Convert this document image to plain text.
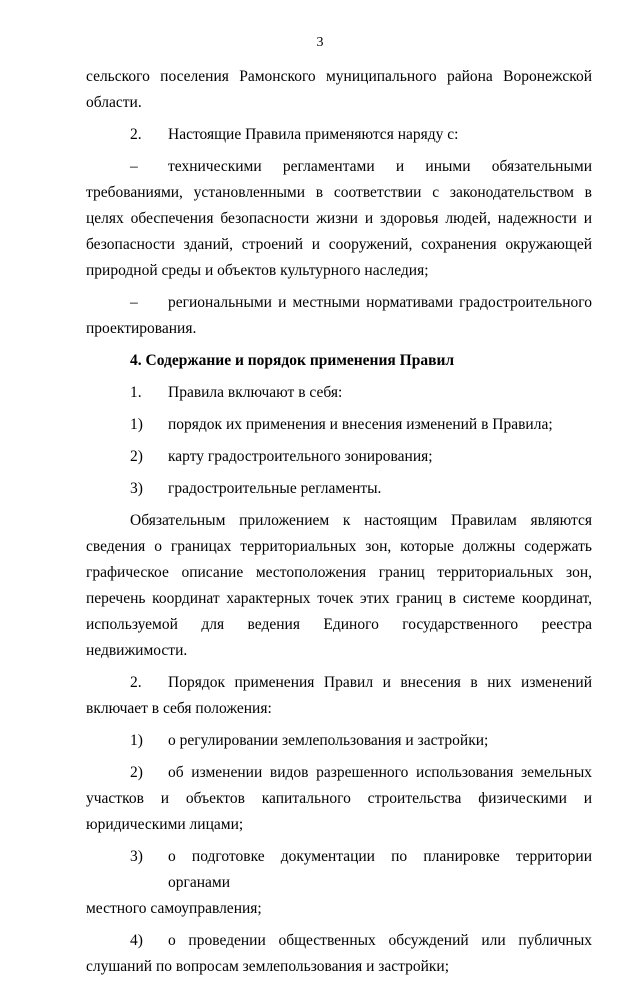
3

сельского поселения Рамонского муниципального района Воронежской области.

2.	Настоящие Правила применяются наряду с:
–	техническими регламентами и иными обязательными

требованиями, установленными в соответствии с законодательством в целях обеспечения безопасности жизни и здоровья людей, надежности и безопасности зданий, строений и сооружений, сохранения окружающей природной среды и объектов культурного наследия;

–	региональными и местными нормативами градостроительного

проектирования.

4. Содержание и порядок применения Правил
1.	Правила включают в себя:
1)	порядок их применения и внесения изменений в Правила;
2)	карту градостроительного зонирования;
3)	градостроительные регламенты.

Обязательным приложением к настоящим Правилам являются сведения о границах территориальных зон, которые должны содержать графическое описание местоположения границ территориальных зон, перечень координат характерных точек этих границ в системе координат, используемой для ведения Единого государственного реестра недвижимости.

2.	Порядок применения Правил и внесения в них изменений

включает в себя положения:

1)	о регулировании землепользования и застройки;
2)	об изменении видов разрешенного использования земельных

участков и объектов капитального строительства физическими и юридическими лицами;

3)	о подготовке документации по планировке территории органами

местного самоуправления;

4)	о проведении общественных обсуждений или публичных

слушаний по вопросам землепользования и застройки;
